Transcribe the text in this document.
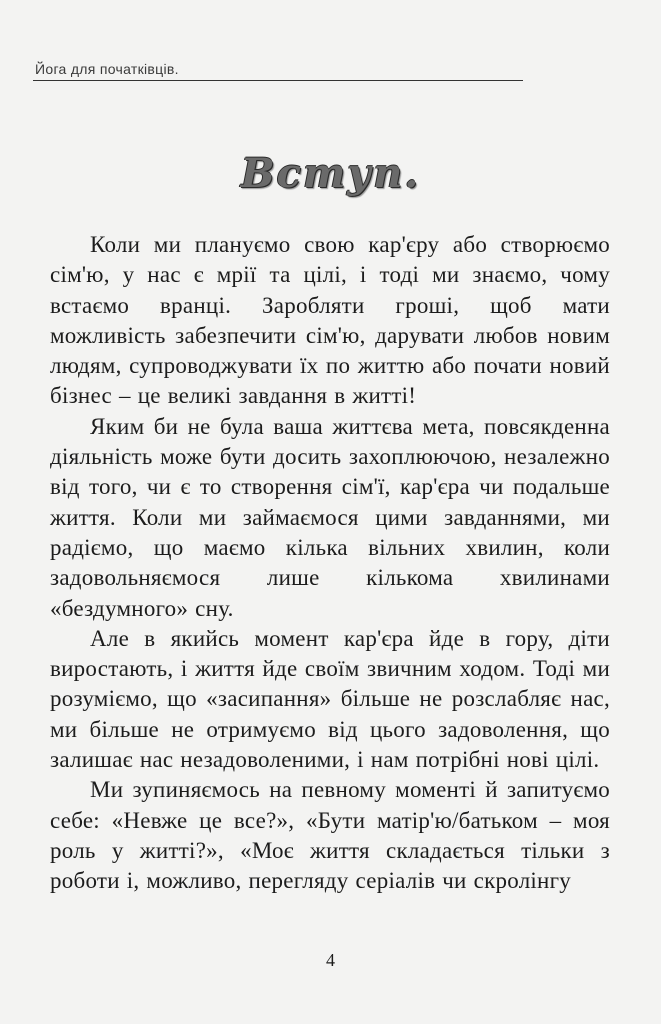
Йога для початківців.
Вступ.

Коли ми плануємо свою кар'єру або створюємо сім'ю, у нас є мрії та цілі, і тоді ми знаємо, чому встаємо вранці. Заробляти гроші, щоб мати можливість забезпечити сім'ю, дарувати любов новим людям, супроводжувати їх по життю або почати новий бізнес – це великі завдання в житті!

Яким би не була ваша життєва мета, повсякденна діяльність може бути досить захоплюючою, незалежно від того, чи є то створення сім'ї, кар'єра чи подальше життя. Коли ми займаємося цими завданнями, ми радіємо, що маємо кілька вільних хвилин, коли задовольняємося лише кількома хвилинами «бездумного» сну.

Але в якийсь момент кар'єра йде в гору, діти виростають, і життя йде своїм звичним ходом. Тоді ми розуміємо, що «засипання» більше не розслабляє нас, ми більше не отримуємо від цього задоволення, що залишає нас незадоволеними, і нам потрібні нові цілі.

Ми зупиняємось на певному моменті й запитуємо себе: «Невже це все?», «Бути матір'ю/батьком – моя роль у житті?», «Моє життя складається тільки з роботи і, можливо, перегляду серіалів чи скролінгу

4
